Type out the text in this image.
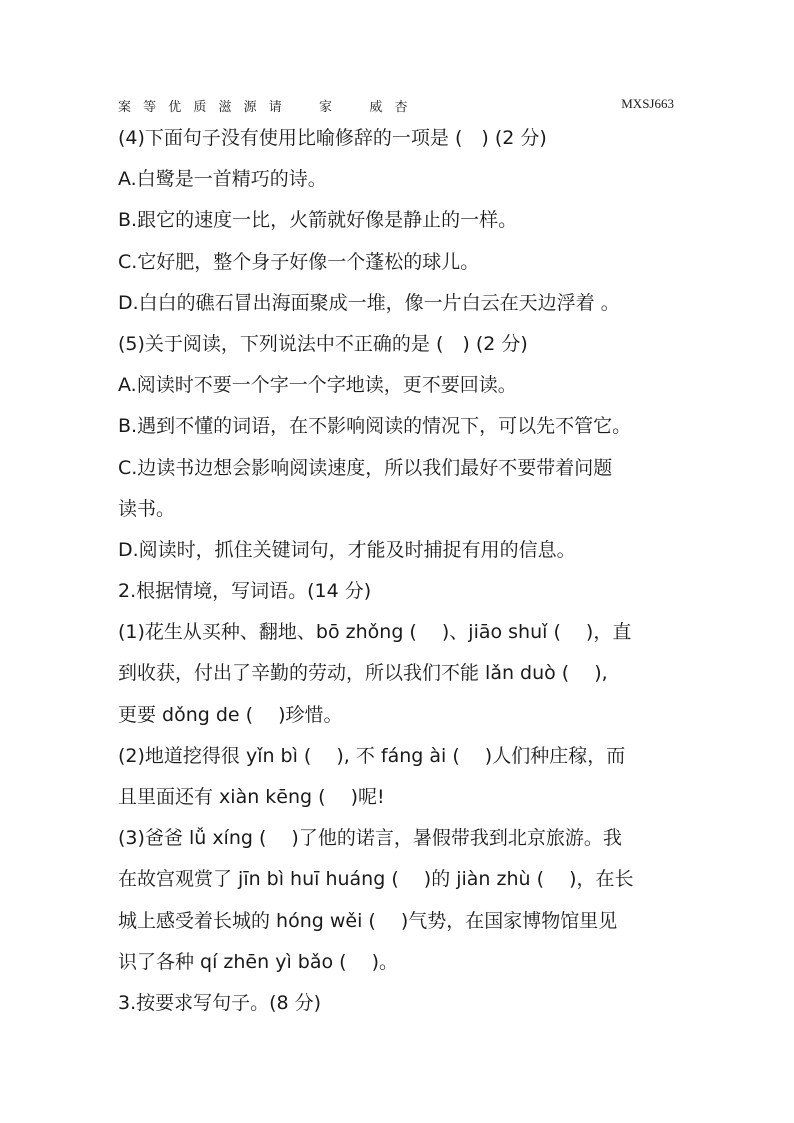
案 等 优 质 滋 源 请 　 家 　 威 杏	MXSJ663
(4)下面句子没有使用比喻修辞的一项是 (　) (2 分)
A.白鹭是一首精巧的诗。
B.跟它的速度一比，火箭就好像是静止的一样。
C.它好肥，整个身子好像一个蓬松的球儿。
D.白白的礁石冒出海面聚成一堆，像一片白云在天边浮着 。
(5)关于阅读，下列说法中不正确的是 (　) (2 分)
A.阅读时不要一个字一个字地读，更不要回读。
B.遇到不懂的词语，在不影响阅读的情况下，可以先不管它。
C.边读书边想会影响阅读速度，所以我们最好不要带着问题
读书。
D.阅读时，抓住关键词句，才能及时捕捉有用的信息。
2.根据情境，写词语。(14 分)
(1)花生从买种、翻地、bō zhǒng (　 )、jiāo shuǐ (　 )，直
到收获，付出了辛勤的劳动，所以我们不能 lǎn duò (　 ),
更要 dǒng de (　 )珍惜。
(2)地道挖得很 yǐn bì (　 ), 不 fáng ài (　 )人们种庄稼，而
且里面还有 xiàn kēng (　 )呢!
(3)爸爸 lǚ xíng (　 )了他的诺言，暑假带我到北京旅游。我
在故宫观赏了 jīn bì huī huáng (　 )的 jiàn zhù (　 )，在长
城上感受着长城的 hóng wěi (　 )气势，在国家博物馆里见
识了各种 qí zhēn yì bǎo (　 )。
3.按要求写句子。(8 分)
